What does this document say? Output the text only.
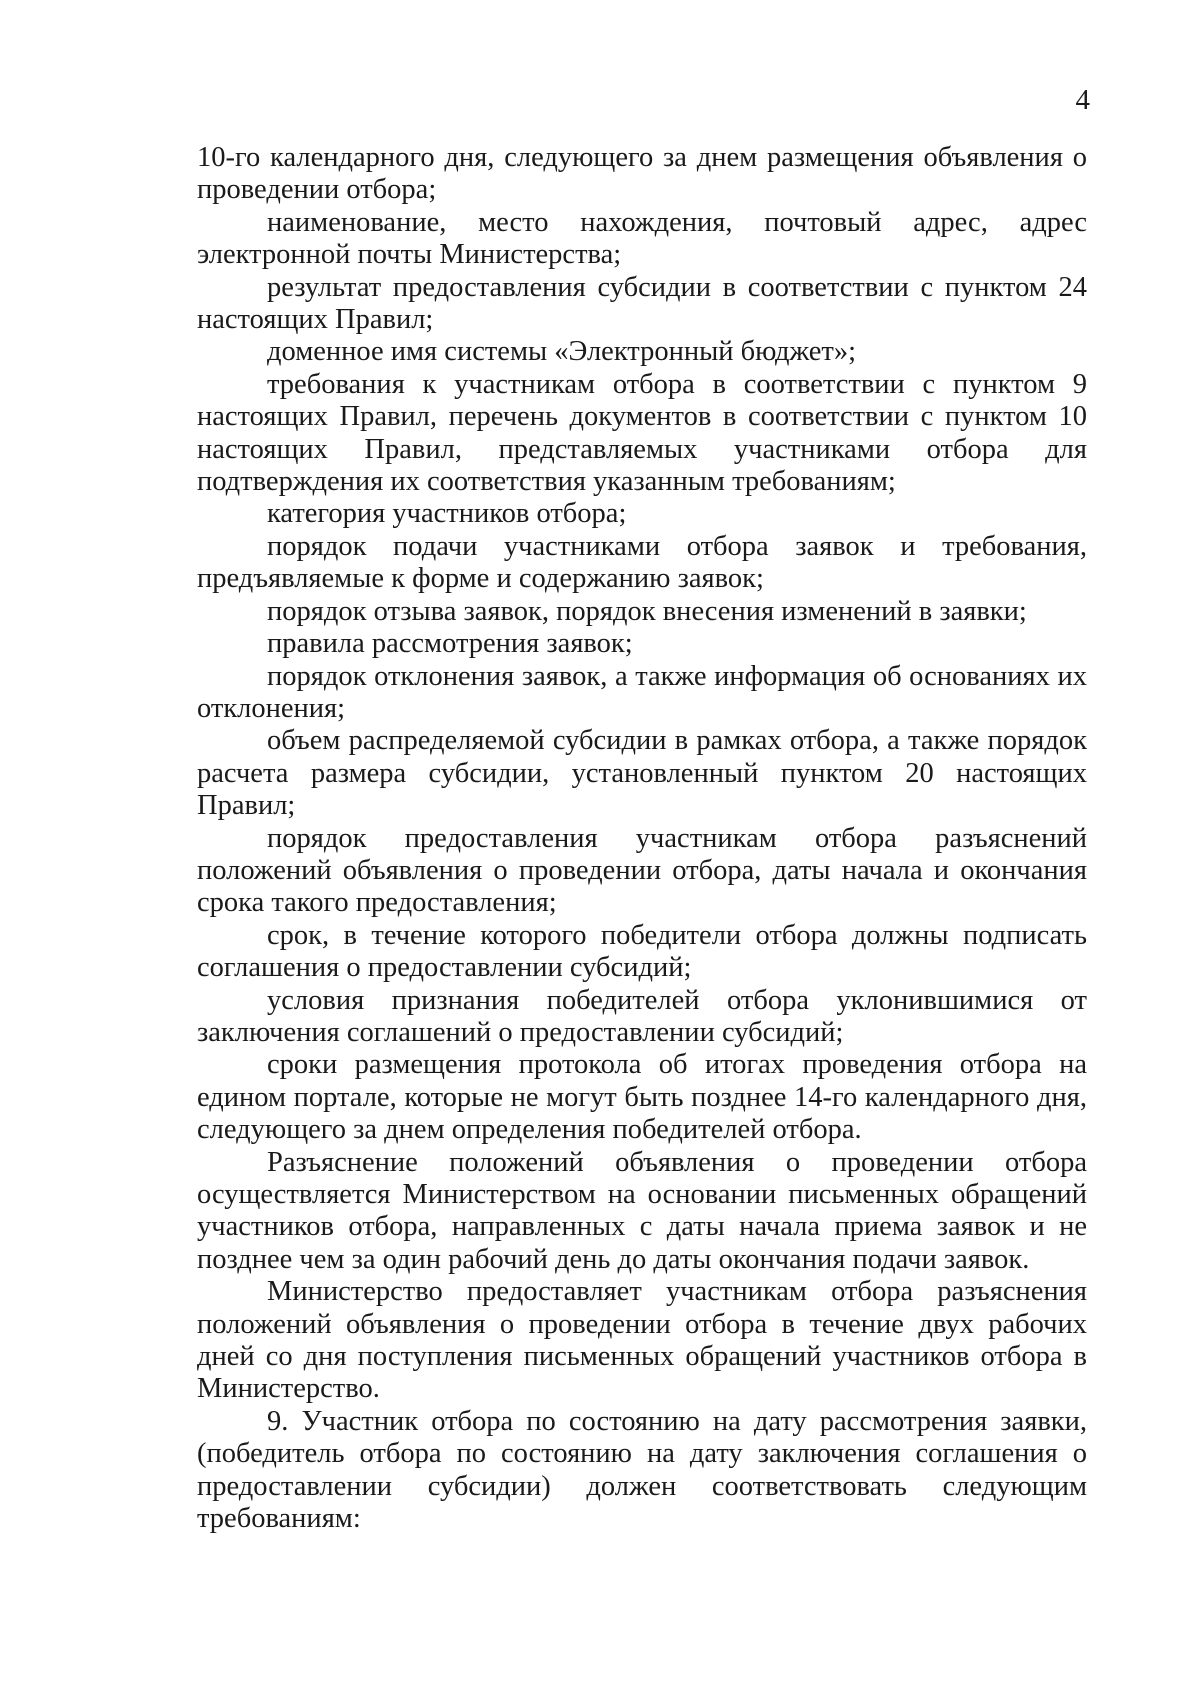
4

10-го календарного дня, следующего за днем размещения объявления о проведении отбора;

наименование, место нахождения, почтовый адрес, адрес электронной почты Министерства;

результат предоставления субсидии в соответствии с пунктом 24 настоящих Правил;

доменное имя системы «Электронный бюджет»;

требования к участникам отбора в соответствии с пунктом 9 настоящих Правил, перечень документов в соответствии с пунктом 10 настоящих Правил, представляемых участниками отбора для подтверждения их соответствия указанным требованиям;

категория участников отбора;

порядок подачи участниками отбора заявок и требования, предъявляемые к форме и содержанию заявок;

порядок отзыва заявок, порядок внесения изменений в заявки;

правила рассмотрения заявок;

порядок отклонения заявок, а также информация об основаниях их отклонения;

объем распределяемой субсидии в рамках отбора, а также порядок расчета размера субсидии, установленный пунктом 20 настоящих Правил;

порядок предоставления участникам отбора разъяснений положений объявления о проведении отбора, даты начала и окончания срока такого предоставления;

срок, в течение которого победители отбора должны подписать соглашения о предоставлении субсидий;

условия признания победителей отбора уклонившимися от заключения соглашений о предоставлении субсидий;

сроки размещения протокола об итогах проведения отбора на едином портале, которые не могут быть позднее 14-го календарного дня, следующего за днем определения победителей отбора.

Разъяснение положений объявления о проведении отбора осуществляется Министерством на основании письменных обращений участников отбора, направленных с даты начала приема заявок и не позднее чем за один рабочий день до даты окончания подачи заявок.

Министерство предоставляет участникам отбора разъяснения положений объявления о проведении отбора в течение двух рабочих дней со дня поступления письменных обращений участников отбора в Министерство.

9. Участник отбора по состоянию на дату рассмотрения заявки, (победитель отбора по состоянию на дату заключения соглашения о предоставлении субсидии) должен соответствовать следующим требованиям:
